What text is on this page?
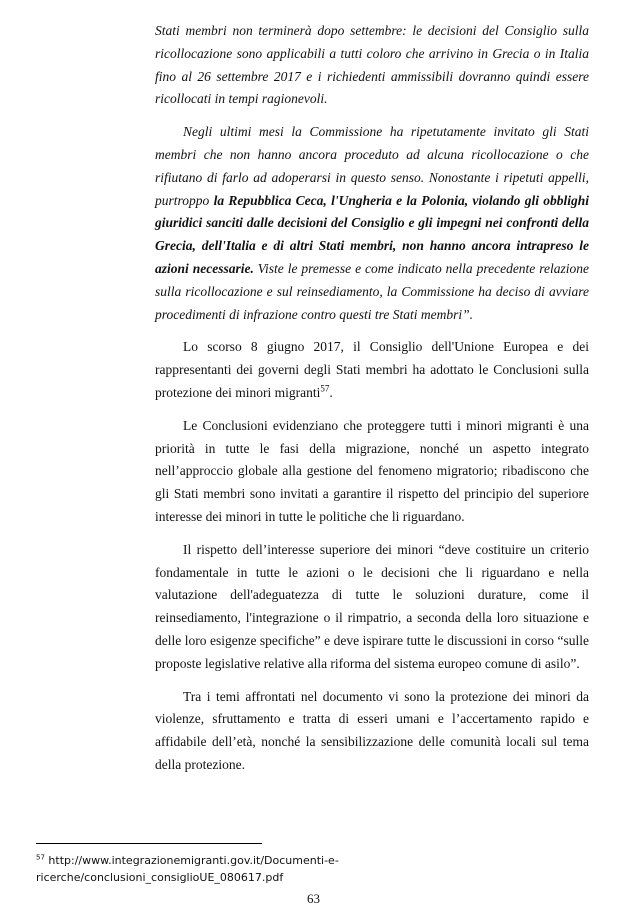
Stati membri non terminerà dopo settembre: le decisioni del Consiglio sulla ricollocazione sono applicabili a tutti coloro che arrivino in Grecia o in Italia fino al 26 settembre 2017 e i richiedenti ammissibili dovranno quindi essere ricollocati in tempi ragionevoli.

Negli ultimi mesi la Commissione ha ripetutamente invitato gli Stati membri che non hanno ancora proceduto ad alcuna ricollocazione o che rifiutano di farlo ad adoperarsi in questo senso. Nonostante i ripetuti appelli, purtroppo la Repubblica Ceca, l'Ungheria e la Polonia, violando gli obblighi giuridici sanciti dalle decisioni del Consiglio e gli impegni nei confronti della Grecia, dell'Italia e di altri Stati membri, non hanno ancora intrapreso le azioni necessarie. Viste le premesse e come indicato nella precedente relazione sulla ricollocazione e sul reinsediamento, la Commissione ha deciso di avviare procedimenti di infrazione contro questi tre Stati membri”.

Lo scorso 8 giugno 2017, il Consiglio dell'Unione Europea e dei rappresentanti dei governi degli Stati membri ha adottato le Conclusioni sulla protezione dei minori migranti$^{57}$.

Le Conclusioni evidenziano che proteggere tutti i minori migranti è una priorità in tutte le fasi della migrazione, nonché un aspetto integrato nell’approccio globale alla gestione del fenomeno migratorio; ribadiscono che gli Stati membri sono invitati a garantire il rispetto del principio del superiore interesse dei minori in tutte le politiche che li riguardano.

Il rispetto dell’interesse superiore dei minori “deve costituire un criterio fondamentale in tutte le azioni o le decisioni che li riguardano e nella valutazione dell'adeguatezza di tutte le soluzioni durature, come il reinsediamento, l'integrazione o il rimpatrio, a seconda della loro situazione e delle loro esigenze specifiche” e deve ispirare tutte le discussioni in corso “sulle proposte legislative relative alla riforma del sistema europeo comune di asilo”.

Tra i temi affrontati nel documento vi sono la protezione dei minori da violenze, sfruttamento e tratta di esseri umani e l’accertamento rapido e affidabile dell’età, nonché la sensibilizzazione delle comunità locali sul tema della protezione.

$^{57}$ http://www.integrazionemigranti.gov.it/Documenti-e-ricerche/conclusioni_consiglioUE_080617.pdf
63
